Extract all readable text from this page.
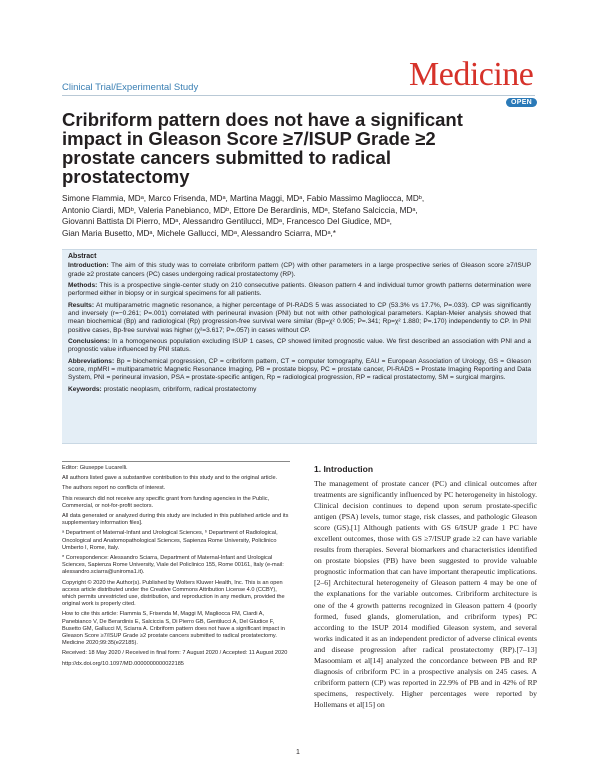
Clinical Trial/Experimental Study	Medicine
OPEN
Cribriform pattern does not have a significant impact in Gleason Score ≥7/ISUP Grade ≥2 prostate cancers submitted to radical prostatectomy
Simone Flammia, MDᵃ, Marco Frisenda, MDᵃ, Martina Maggi, MDᵃ, Fabio Massimo Magliocca, MDᵇ,
Antonio Ciardi, MDᵇ, Valeria Panebianco, MDᵇ, Ettore De Berardinis, MDᵃ, Stefano Salciccia, MDᵃ,
Giovanni Battista Di Pierro, MDᵃ, Alessandro Gentilucci, MDᵃ, Francesco Del Giudice, MDᵃ,
Gian Maria Busetto, MDᵃ, Michele Gallucci, MDᵃ, Alessandro Sciarra, MDᵃ,*

Abstract

Introduction: The aim of this study was to correlate cribriform pattern (CP) with other parameters in a large prospective series of Gleason score ≥7/ISUP grade ≥2 prostate cancers (PC) cases undergoing radical prostatectomy (RP).

Methods: This is a prospective single-center study on 210 consecutive patients. Gleason pattern 4 and individual tumor growth patterns determination were performed either in biopsy or in surgical specimens for all patients.

Results: At multiparametric magnetic resonance, a higher percentage of PI-RADS 5 was associated to CP (53.3% vs 17.7%, P=.033). CP was significantly and inversely (r=−0.261; P=.001) correlated with perineural invasion (PNI) but not with other pathological parameters. Kaplan-Meier analysis showed that mean biochemical (Bp) and radiological (Rp) progression-free survival were similar (Bp=χ² 0.905; P=.341; Rp=χ² 1.880; P=.170) independently to CP. In PNI positive cases, Bp-free survival was higher (χ²=3.617; P=.057) in cases without CP.

Conclusions: In a homogeneous population excluding ISUP 1 cases, CP showed limited prognostic value. We first described an association with PNI and a prognostic value influenced by PNI status.

Abbreviations: Bp = biochemical progression, CP = cribriform pattern, CT = computer tomography, EAU = European Association of Urology, GS = Gleason score, mpMRI = multiparametric Magnetic Resonance Imaging, PB = prostate biopsy, PC = prostate cancer, PI-RADS = Prostate Imaging Reporting and Data System, PNI = perineural invasion, PSA = prostate-specific antigen, Rp = radiological progression, RP = radical prostatectomy, SM = surgical margins.

Keywords: prostatic neoplasm, cribriform, radical prostatectomy

Editor: Giuseppe Lucarelli.

All authors listed gave a substantive contribution to this study and to the original article.

The authors report no conflicts of interest.

This research did not receive any specific grant from funding agencies in the Public, Commercial, or not-for-profit sectors.

All data generated or analyzed during this study are included in this published article and its supplementary information files].

ᵃ Department of Maternal-Infant and Urological Sciences, ᵇ Department of Radiological, Oncological and Anatomopathological Sciences, Sapienza Rome University, Policlinico Umberto I, Rome, Italy.

* Correspondence: Alessandro Sciarra, Department of Maternal-Infant and Urological Sciences, Sapienza Rome University, Viale del Policlinico 155, Rome 00161, Italy (e-mail: alessandro.sciarra@uniroma1.it).

Copyright © 2020 the Author(s). Published by Wolters Kluwer Health, Inc. This is an open access article distributed under the Creative Commons Attribution License 4.0 (CCBY), which permits unrestricted use, distribution, and reproduction in any medium, provided the original work is properly cited.

How to cite this article: Flammia S, Frisenda M, Maggi M, Magliocca FM, Ciardi A, Panebianco V, De Berardinis E, Salciccia S, Di Pierro GB, Gentilucci A, Del Giudice F, Busetto GM, Gallucci M, Sciarra A. Cribriform pattern does not have a significant impact in Gleason Score ≥7/ISUP Grade ≥2 prostate cancers submitted to radical prostatectomy. Medicine 2020;99:35(e22185).

Received: 18 May 2020 / Received in final form: 7 August 2020 / Accepted: 11 August 2020

http://dx.doi.org/10.1097/MD.0000000000022185

1. Introduction
The management of prostate cancer (PC) and clinical outcomes after treatments are significantly influenced by PC heterogeneity in histology. Clinical decision continues to depend upon serum prostate-specific antigen (PSA) levels, tumor stage, risk classes, and pathologic Gleason score (GS).[1] Although patients with GS 6/ISUP grade 1 PC have excellent outcomes, those with GS ≥7/ISUP grade ≥2 can have variable results from therapies. Several biomarkers and characteristics identified on prostate biopsies (PB) have been suggested to provide valuable prognostic information that can have important therapeutic implications.[2–6] Architectural heterogeneity of Gleason pattern 4 may be one of the explanations for the variable outcomes. Cribriform architecture is one of the 4 growth patterns recognized in Gleason pattern 4 (poorly formed, fused glands, glomerulation, and cribriform types) PC according to the ISUP 2014 modified Gleason system, and several works indicated it as an independent predictor of adverse clinical events and disease progression after radical prostatectomy (RP).[7–13] Masoomiam et al[14] analyzed the concordance between PB and RP diagnosis of cribriform PC in a prospective analysis on 245 cases. A cribriform pattern (CP) was reported in 22.9% of PB and in 42% of RP specimens, respectively. Higher percentages were reported by Hollemans et al[15] on
1
